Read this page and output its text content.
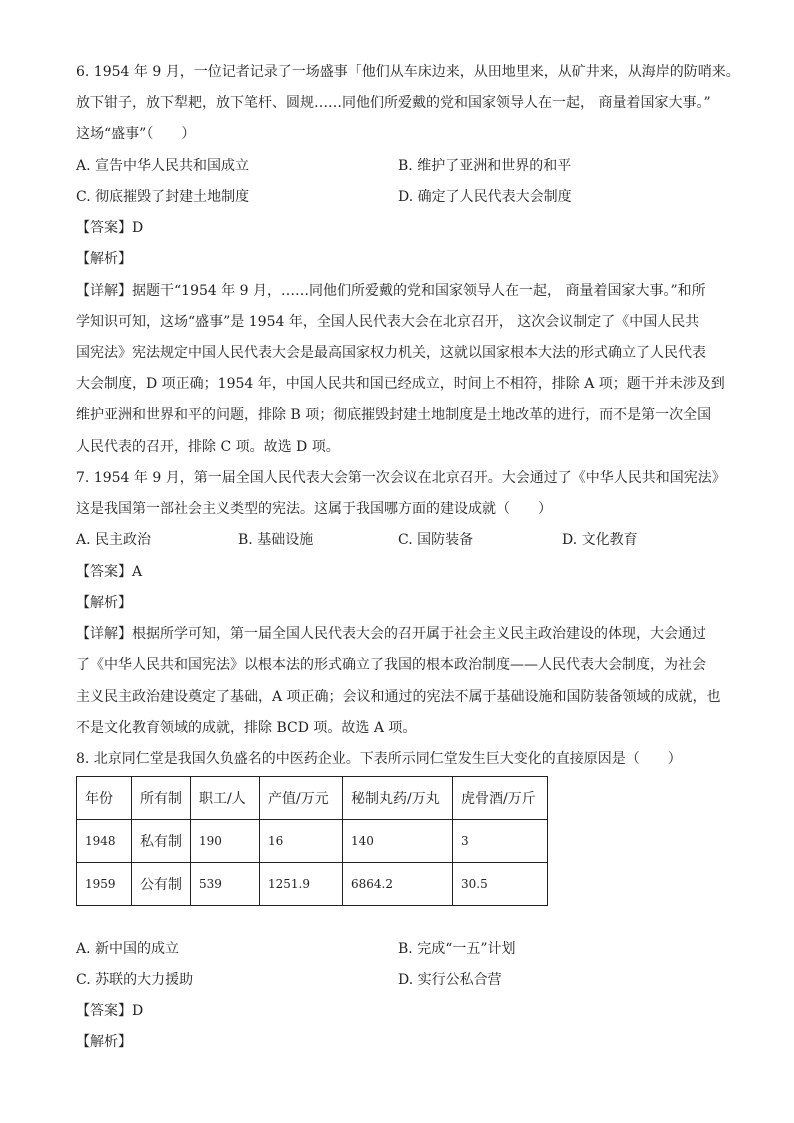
6. 1954 年 9 月，一位记者记录了一场盛事「他们从车床边来，从田地里来，从矿井来，从海岸的防哨来。
放下钳子，放下犁耙，放下笔杆、圆规……同他们所爱戴的党和国家领导人在一起， 商量着国家大事。”
这场“盛事”（　　）
A. 宣告中华人民共和国成立	B. 维护了亚洲和世界的和平
C. 彻底摧毁了封建土地制度	D. 确定了人民代表大会制度
【答案】D
【解析】
【详解】据题干“1954 年 9 月，……同他们所爱戴的党和国家领导人在一起， 商量着国家大事。”和所
学知识可知，这场“盛事”是 1954 年，全国人民代表大会在北京召开， 这次会议制定了《中国人民共
国宪法》宪法规定中国人民代表大会是最高国家权力机关，这就以国家根本大法的形式确立了人民代表
大会制度，D 项正确；1954 年，中国人民共和国已经成立，时间上不相符，排除 A 项；题干并未涉及到
维护亚洲和世界和平的问题，排除 B 项；彻底摧毁封建土地制度是土地改革的进行，而不是第一次全国
人民代表的召开，排除 C 项。故选 D 项。
7. 1954 年 9 月，第一届全国人民代表大会第一次会议在北京召开。大会通过了《中华人民共和国宪法》
这是我国第一部社会主义类型的宪法。这属于我国哪方面的建设成就（　　）
A. 民主政治	B. 基础设施	C. 国防装备	D. 文化教育
【答案】A
【解析】
【详解】根据所学可知，第一届全国人民代表大会的召开属于社会主义民主政治建设的体现，大会通过
了《中华人民共和国宪法》以根本法的形式确立了我国的根本政治制度——人民代表大会制度，为社会
主义民主政治建设奠定了基础，A 项正确；会议和通过的宪法不属于基础设施和国防装备领域的成就，也
不是文化教育领域的成就，排除 BCD 项。故选 A 项。
8. 北京同仁堂是我国久负盛名的中医药企业。下表所示同仁堂发生巨大变化的直接原因是（　　）
年份	所有制	职工/人	产值/万元	秘制丸药/万丸	虎骨酒/万斤
1948	私有制	190	16	140	3
1959	公有制	539	1251.9	6864.2	30.5
A. 新中国的成立	B. 完成“一五”计划
C. 苏联的大力援助	D. 实行公私合营
【答案】D
【解析】
